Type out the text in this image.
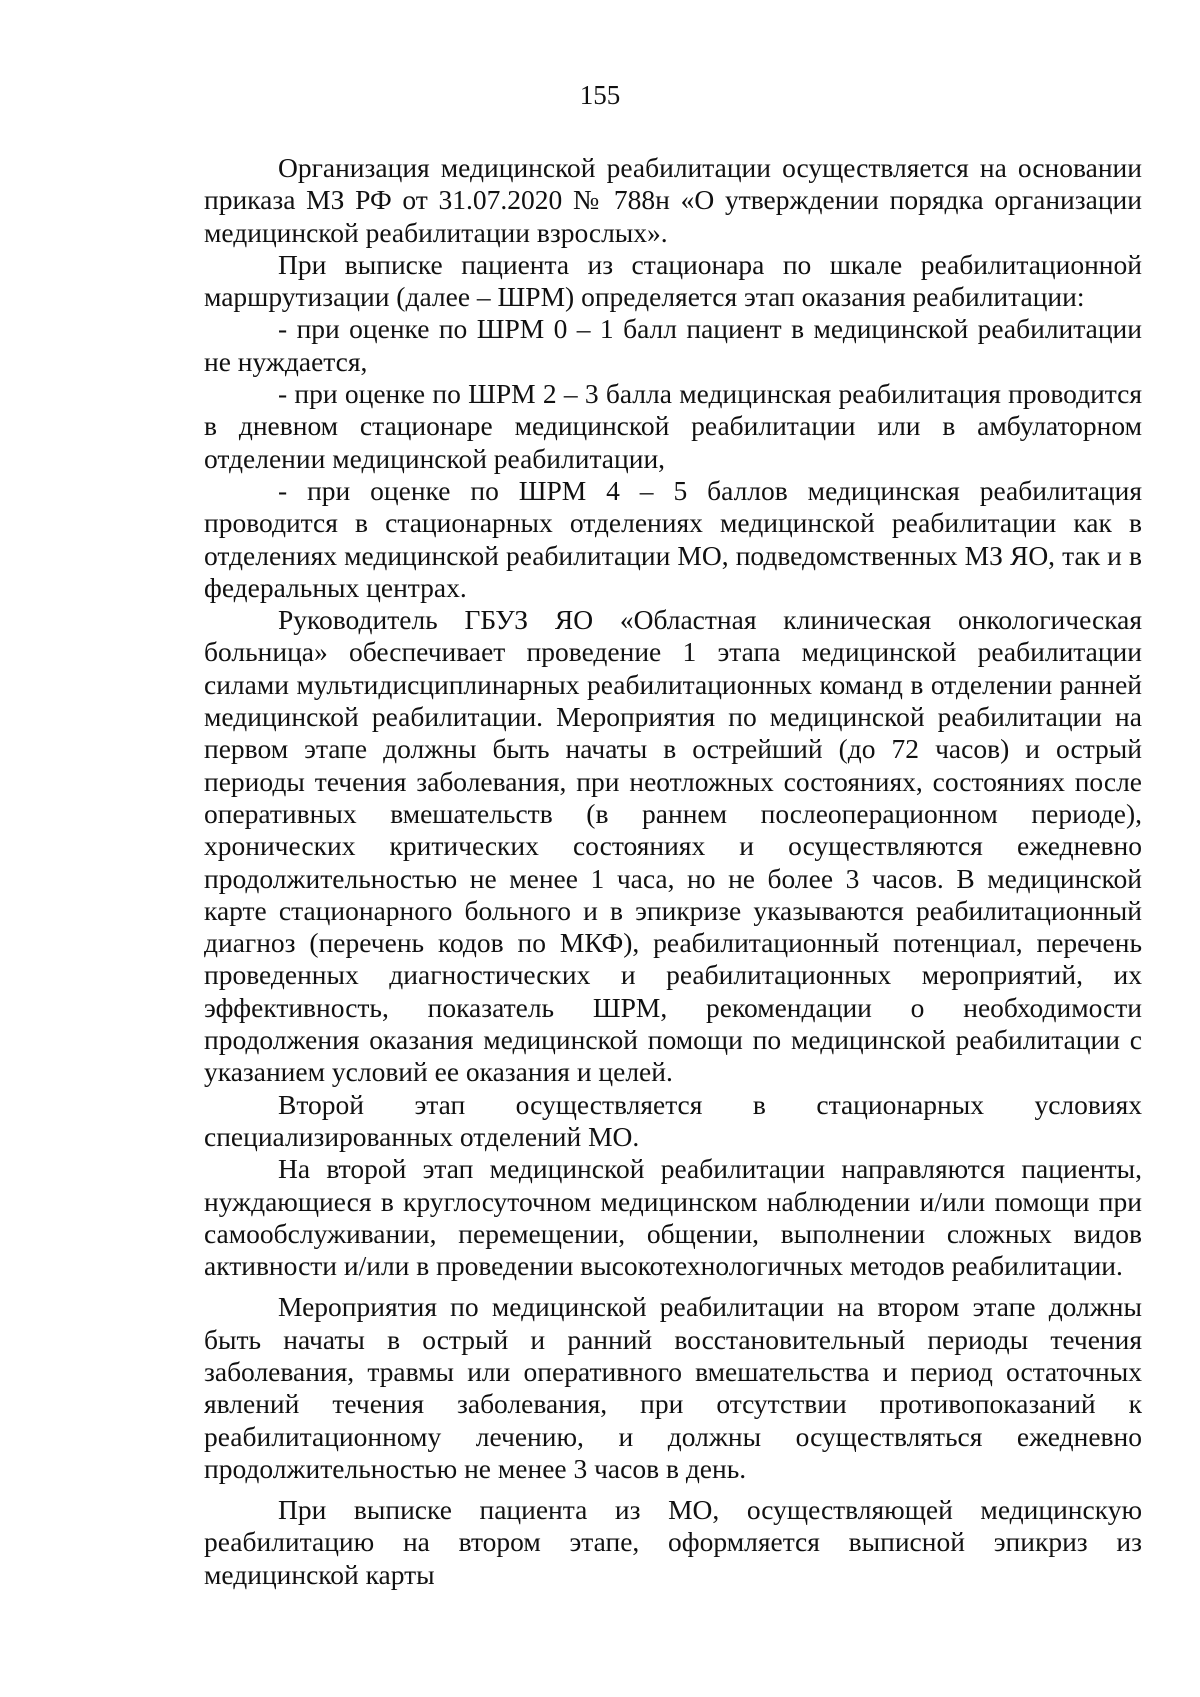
155

Организация медицинской реабилитации осуществляется на основании приказа МЗ РФ от 31.07.2020 № 788н «О утверждении порядка организации медицинской реабилитации взрослых».

При выписке пациента из стационара по шкале реабилитационной маршрутизации (далее – ШРМ) определяется этап оказания реабилитации:

- при оценке по ШРМ 0 – 1 балл пациент в медицинской реабилитации не нуждается,

- при оценке по ШРМ 2 – 3 балла медицинская реабилитация проводится в дневном стационаре медицинской реабилитации или в амбулаторном отделении медицинской реабилитации,

- при оценке по ШРМ 4 – 5 баллов медицинская реабилитация проводится в стационарных отделениях медицинской реабилитации как в отделениях медицинской реабилитации МО, подведомственных МЗ ЯО, так и в федеральных центрах.

Руководитель ГБУЗ ЯО «Областная клиническая онкологическая больница» обеспечивает проведение 1 этапа медицинской реабилитации силами мультидисциплинарных реабилитационных команд в отделении ранней медицинской реабилитации. Мероприятия по медицинской реабилитации на первом этапе должны быть начаты в острейший (до 72 часов) и острый периоды течения заболевания, при неотложных состояниях, состояниях после оперативных вмешательств (в раннем послеоперационном периоде), хронических критических состояниях и осуществляются ежедневно продолжительностью не менее 1 часа, но не более 3 часов. В медицинской карте стационарного больного и в эпикризе указываются реабилитационный диагноз (перечень кодов по МКФ), реабилитационный потенциал, перечень проведенных диагностических и реабилитационных мероприятий, их эффективность, показатель ШРМ, рекомендации о необходимости продолжения оказания медицинской помощи по медицинской реабилитации с указанием условий ее оказания и целей.

Второй этап осуществляется в стационарных условиях специализированных отделений МО.

На второй этап медицинской реабилитации направляются пациенты, нуждающиеся в круглосуточном медицинском наблюдении и/или помощи при самообслуживании, перемещении, общении, выполнении сложных видов активности и/или в проведении высокотехнологичных методов реабилитации.

Мероприятия по медицинской реабилитации на втором этапе должны быть начаты в острый и ранний восстановительный периоды течения заболевания, травмы или оперативного вмешательства и период остаточных явлений течения заболевания, при отсутствии противопоказаний к реабилитационному лечению, и должны осуществляться ежедневно продолжительностью не менее 3 часов в день.

При выписке пациента из МО, осуществляющей медицинскую реабилитацию на втором этапе, оформляется выписной эпикриз из медицинской карты
